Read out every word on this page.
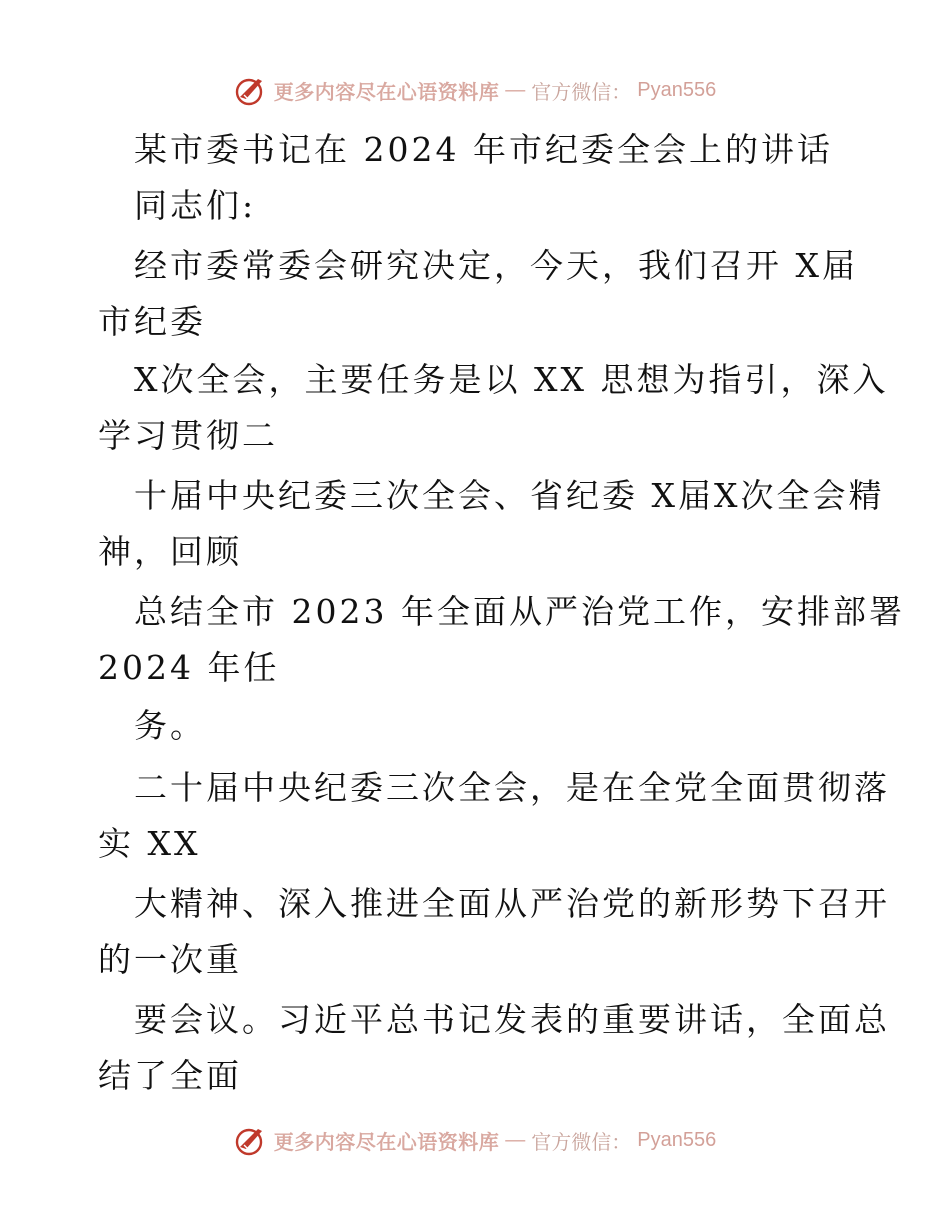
更多内容尽在心语资料库 — 官方微信： Pyan556
某市委书记在 2024 年市纪委全会上的讲话
同志们:
经市委常委会研究决定，今天，我们召开 X届
市纪委
X次全会，主要任务是以 XX 思想为指引，深入
学习贯彻二
十届中央纪委三次全会、省纪委 X届X次全会精
神，回顾
总结全市 2023 年全面从严治党工作，安排部署
2024 年任
务。
二十届中央纪委三次全会，是在全党全面贯彻落
实 XX
大精神、深入推进全面从严治党的新形势下召开
的一次重
要会议。习近平总书记发表的重要讲话，全面总
结了全面
更多内容尽在心语资料库 — 官方微信： Pyan556
